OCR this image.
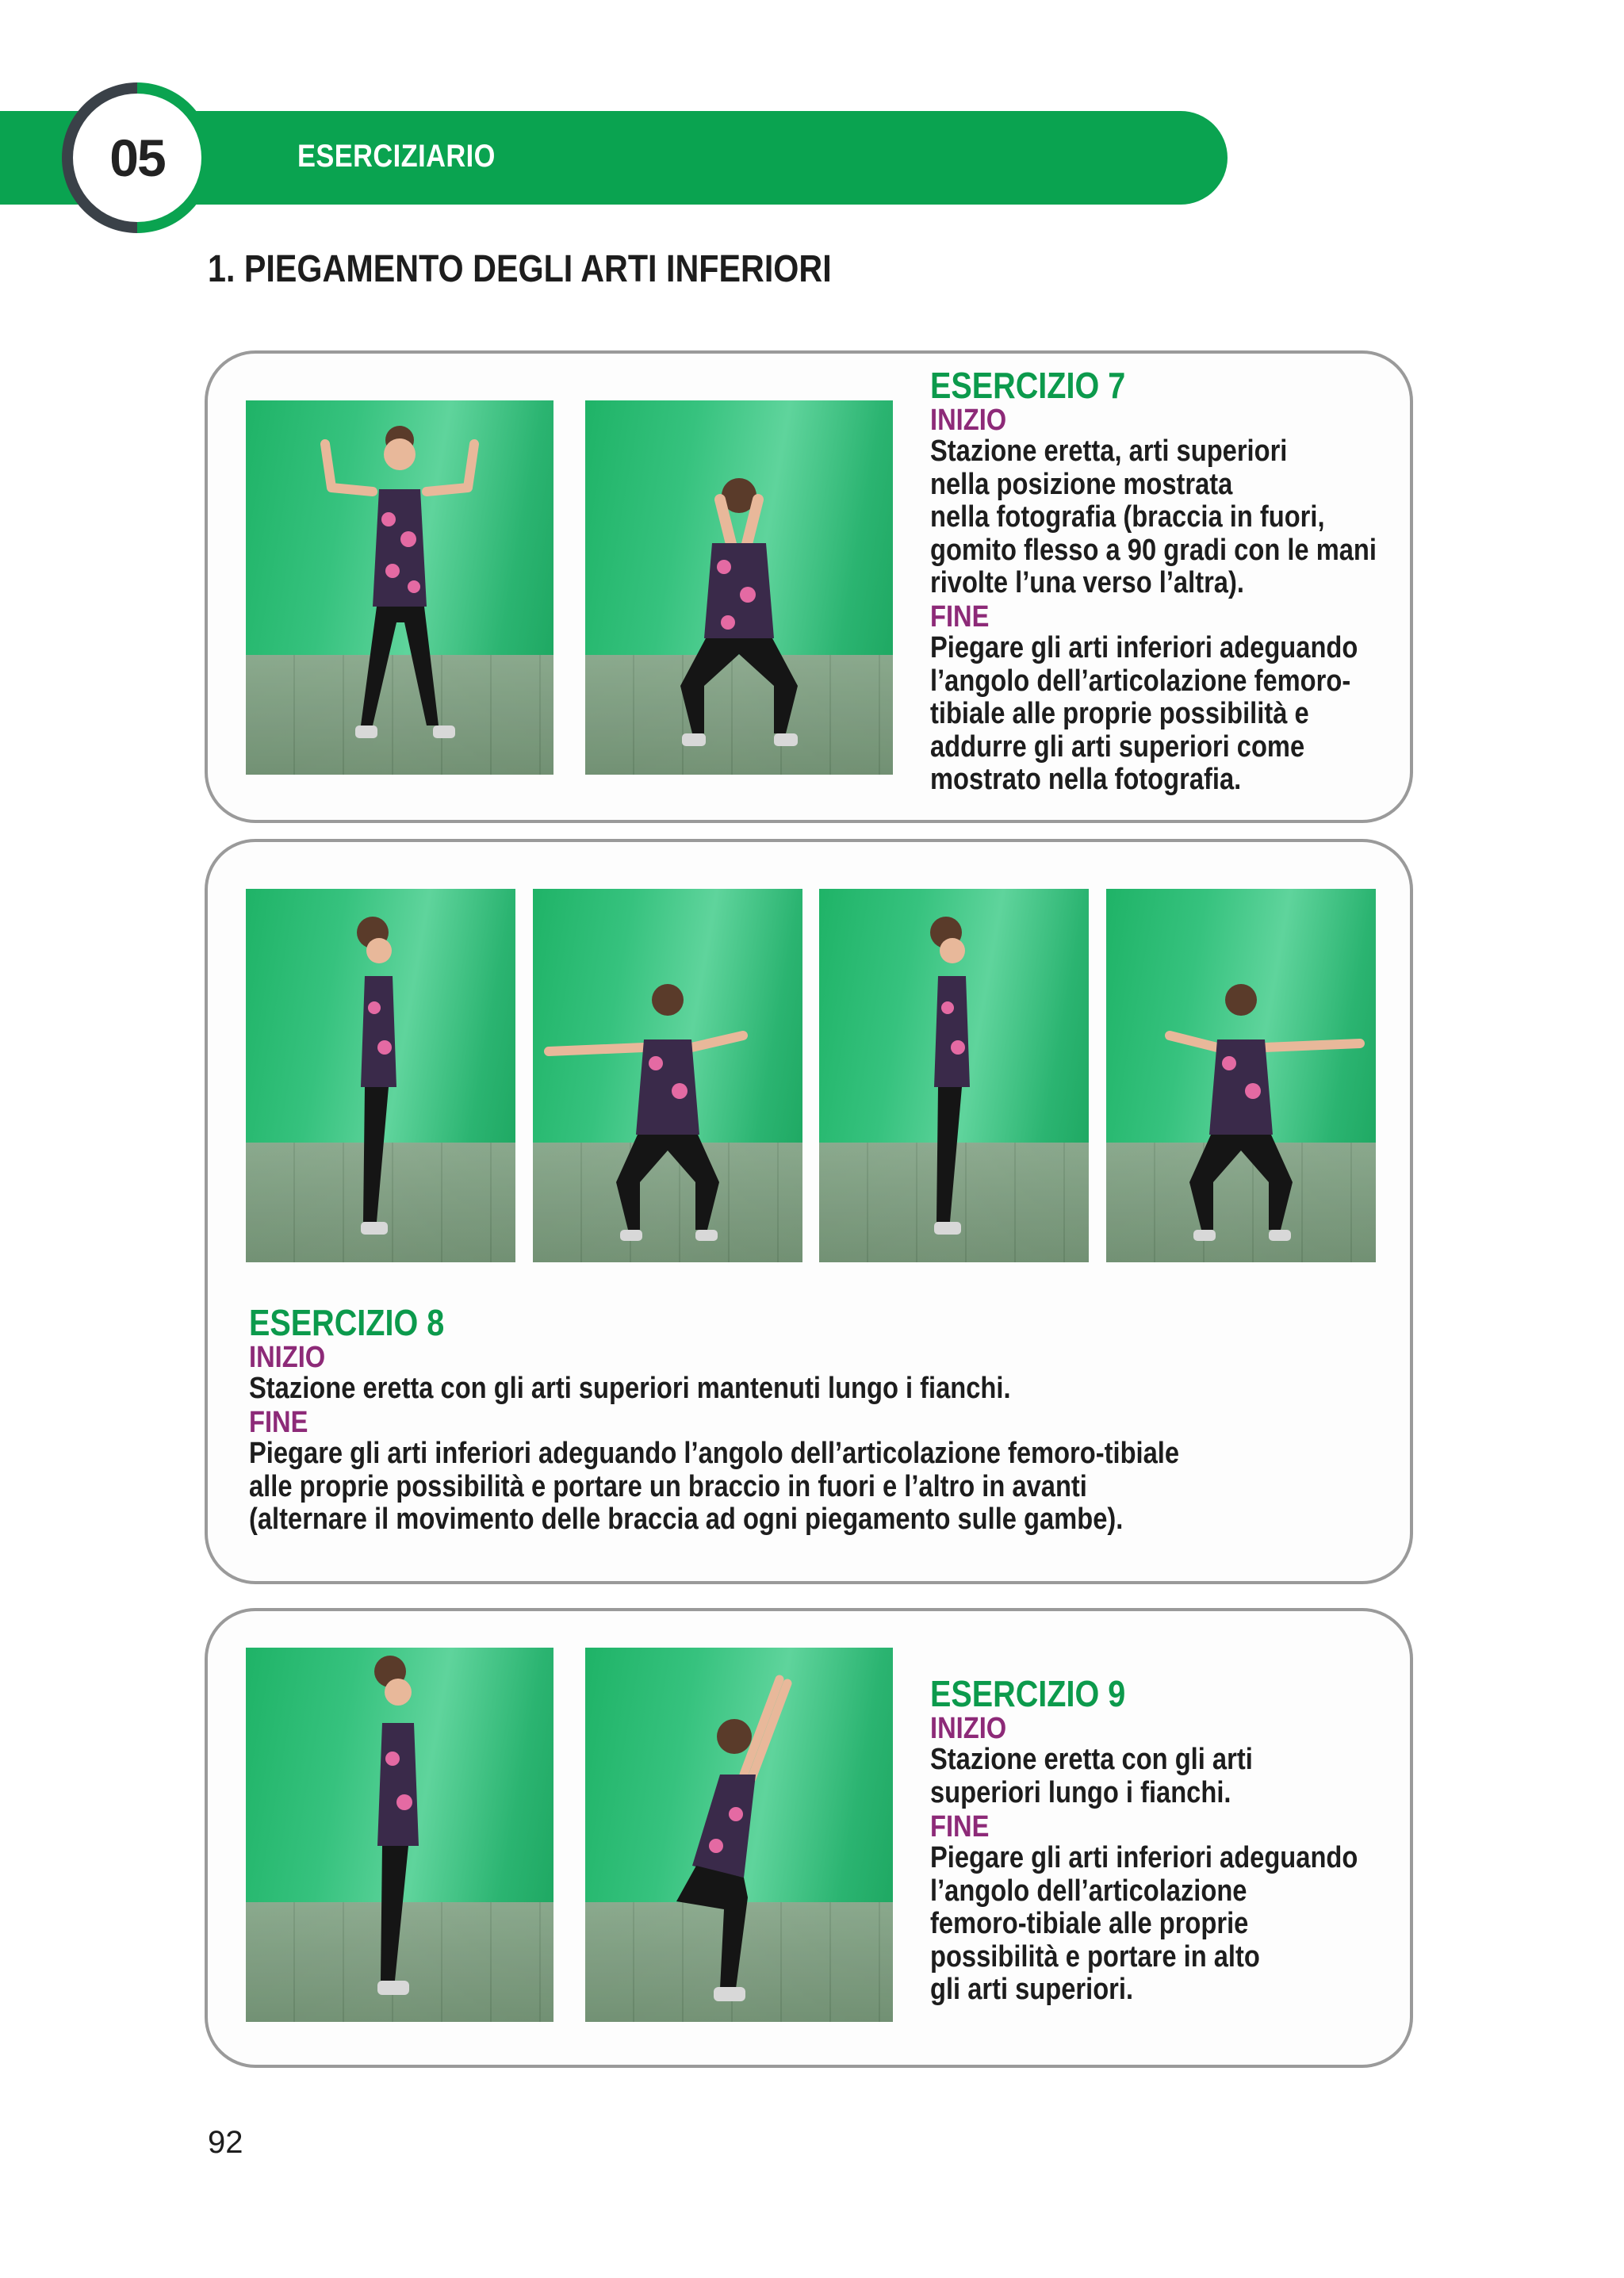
05	ESERCIZIARIO
1. PIEGAMENTO DEGLI ARTI INFERIORI
ESERCIZIO 7
INIZIO

Stazione eretta, arti superiori

nella posizione mostrata

nella fotografia (braccia in fuori,

gomito flesso a 90 gradi con le mani

rivolte l’una verso l’altra).

FINE

Piegare gli arti inferiori adeguando

l’angolo dell’articolazione femoro-

tibiale alle proprie possibilità e

addurre gli arti superiori come

mostrato nella fotografia.

ESERCIZIO 8
INIZIO

Stazione eretta con gli arti superiori mantenuti lungo i fianchi.

FINE

Piegare gli arti inferiori adeguando l’angolo dell’articolazione femoro-tibiale

alle proprie possibilità e portare un braccio in fuori e l’altro in avanti

(alternare il movimento delle braccia ad ogni piegamento sulle gambe).

ESERCIZIO 9
INIZIO

Stazione eretta con gli arti

superiori lungo i fianchi.

FINE

Piegare gli arti inferiori adeguando

l’angolo dell’articolazione

femoro-tibiale alle proprie

possibilità e portare in alto

gli arti superiori.

92
